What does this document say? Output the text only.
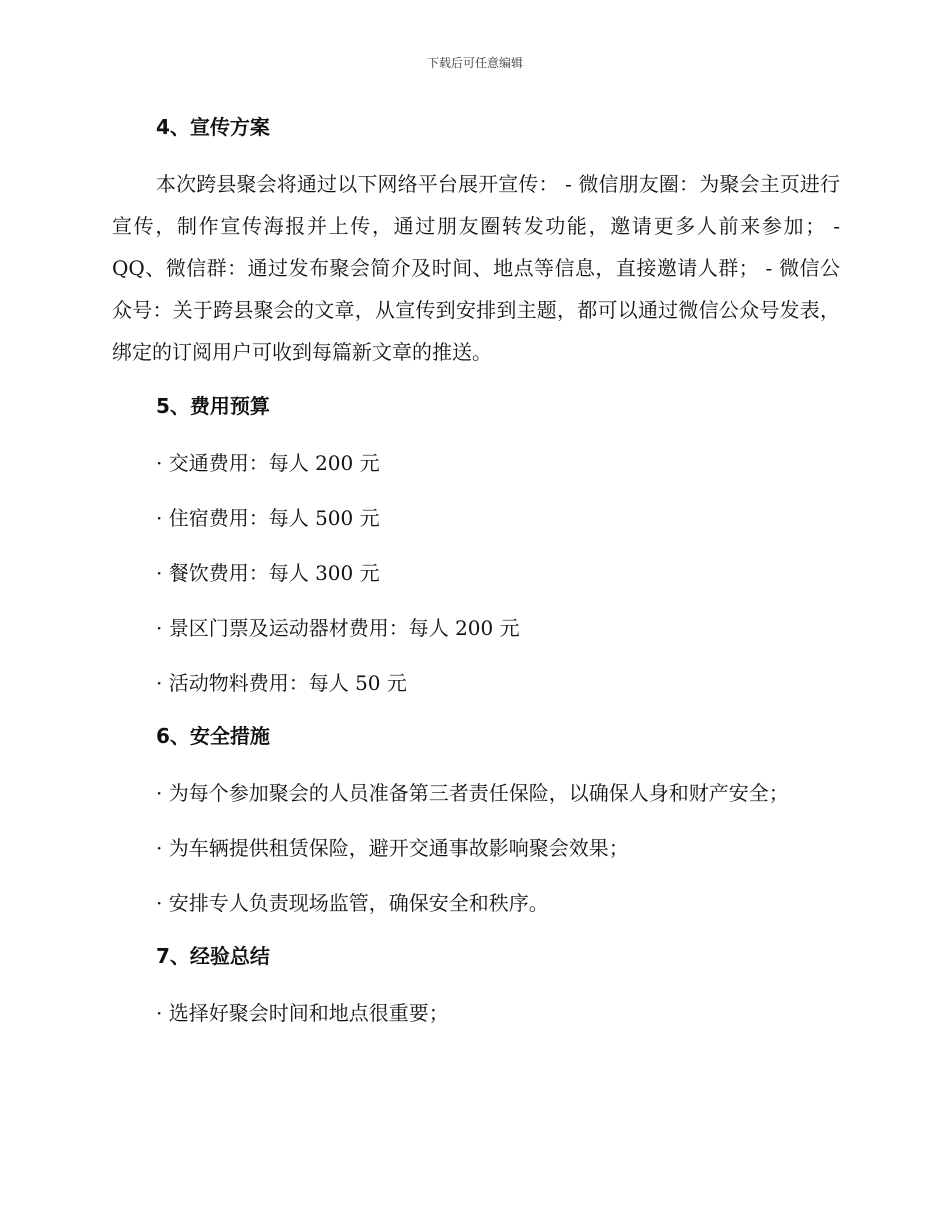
下载后可任意编辑
4、宣传方案
本次跨县聚会将通过以下网络平台展开宣传： - 微信朋友圈：为聚会主页进行宣传，制作宣传海报并上传，通过朋友圈转发功能，邀请更多人前来参加； - QQ、微信群：通过发布聚会简介及时间、地点等信息，直接邀请人群； - 微信公众号：关于跨县聚会的文章，从宣传到安排到主题，都可以通过微信公众号发表，绑定的订阅用户可收到每篇新文章的推送。
5、费用预算
· 交通费用：每人 200 元
· 住宿费用：每人 500 元
· 餐饮费用：每人 300 元
· 景区门票及运动器材费用：每人 200 元
· 活动物料费用：每人 50 元
6、安全措施
· 为每个参加聚会的人员准备第三者责任保险，以确保人身和财产安全；
· 为车辆提供租赁保险，避开交通事故影响聚会效果；
· 安排专人负责现场监管，确保安全和秩序。
7、经验总结
· 选择好聚会时间和地点很重要；
